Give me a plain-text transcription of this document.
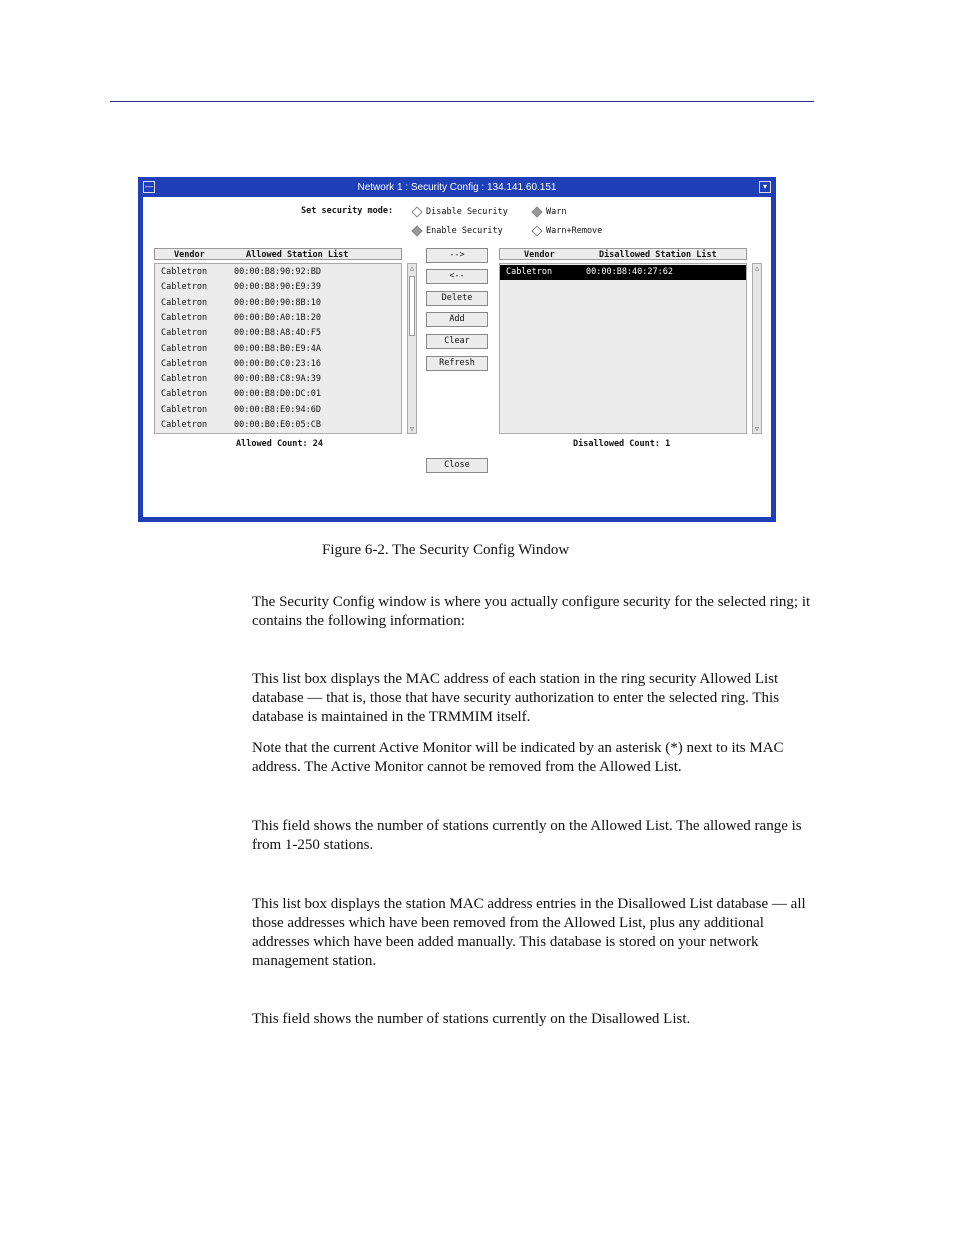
—	Network 1 : Security Config : 134.141.60.151	▾
Set security mode:	Disable Security	Warn
Enable Security	Warn+Remove
Vendor	Allowed Station List
Cabletron	00:00:B8:90:92:BD
Cabletron	00:00:B8:90:E9:39
Cabletron	00:00:B0:90:8B:10
Cabletron	00:00:B0:A0:1B:20
Cabletron	00:00:B8:A8:4D:F5
Cabletron	00:00:B8:B0:E9:4A
Cabletron	00:00:B0:C0:23:16
Cabletron	00:00:B8:C8:9A:39
Cabletron	00:00:B8:D0:DC:01
Cabletron	00:00:B8:E0:94:6D
Cabletron	00:00:B0:E0:05:CB
△
▽
Allowed Count: 24
-->
<--
Delete
Add
Clear
Refresh
Close
Vendor	Disallowed Station List
Cabletron	00:00:B8:40:27:62	△
▽
Disallowed Count: 1
Figure 6-2. The Security Config Window

The Security Config window is where you actually configure security for the selected ring; it contains the following information:

This list box displays the MAC address of each station in the ring security Allowed List database — that is, those that have security authorization to enter the selected ring. This database is maintained in the TRMMIM itself.

Note that the current Active Monitor will be indicated by an asterisk (*) next to its MAC address. The Active Monitor cannot be removed from the Allowed List.

This field shows the number of stations currently on the Allowed List. The allowed range is from 1-250 stations.

This list box displays the station MAC address entries in the Disallowed List database — all those addresses which have been removed from the Allowed List, plus any additional addresses which have been added manually. This database is stored on your network management station.

This field shows the number of stations currently on the Disallowed List.
